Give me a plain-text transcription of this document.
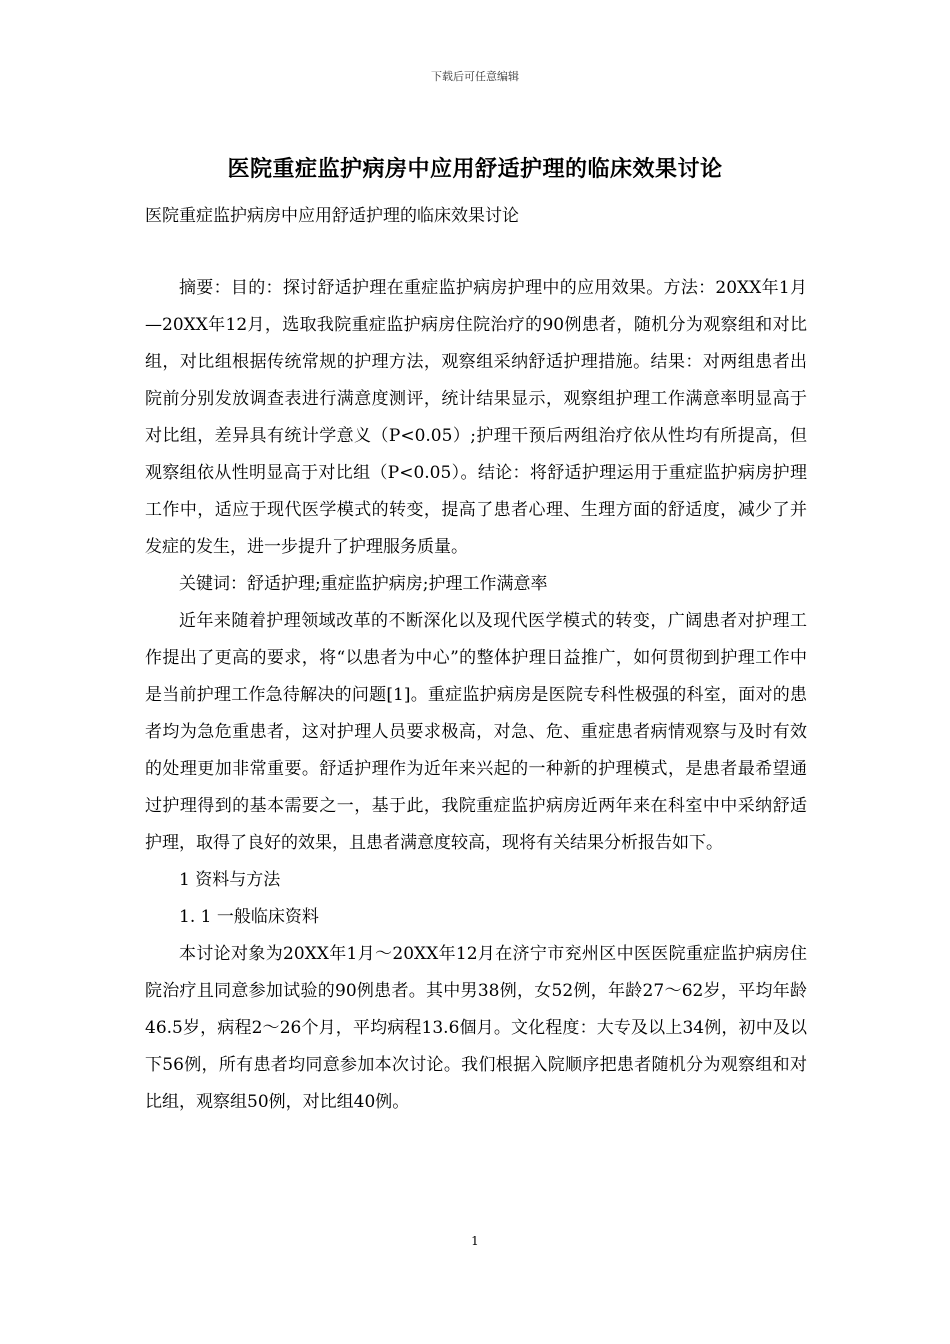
下载后可任意编辑
医院重症监护病房中应用舒适护理的临床效果讨论

医院重症监护病房中应用舒适护理的临床效果讨论

摘要：目的：探讨舒适护理在重症监护病房护理中的应用效果。方法：20XX年1月—20XX年12月，选取我院重症监护病房住院治疗的90例患者，随机分为观察组和对比组，对比组根据传统常规的护理方法，观察组采纳舒适护理措施。结果：对两组患者出院前分别发放调查表进行满意度测评，统计结果显示，观察组护理工作满意率明显高于对比组，差异具有统计学意义（P<0.05）;护理干预后两组治疗依从性均有所提高，但观察组依从性明显高于对比组（P<0.05）。结论：将舒适护理运用于重症监护病房护理工作中，适应于现代医学模式的转变，提高了患者心理、生理方面的舒适度，减少了并发症的发生，进一步提升了护理服务质量。

关键词：舒适护理;重症监护病房;护理工作满意率

近年来随着护理领域改革的不断深化以及现代医学模式的转变，广阔患者对护理工作提出了更高的要求，将“以患者为中心”的整体护理日益推广，如何贯彻到护理工作中是当前护理工作急待解决的问题[1]。重症监护病房是医院专科性极强的科室，面对的患者均为急危重患者，这对护理人员要求极高，对急、危、重症患者病情观察与及时有效的处理更加非常重要。舒适护理作为近年来兴起的一种新的护理模式，是患者最希望通过护理得到的基本需要之一，基于此，我院重症监护病房近两年来在科室中中采纳舒适护理，取得了良好的效果，且患者满意度较高，现将有关结果分析报告如下。

1 资料与方法

1. 1 一般临床资料

本讨论对象为20XX年1月～20XX年12月在济宁市兖州区中医医院重症监护病房住院治疗且同意参加试验的90例患者。其中男38例，女52例，年龄27～62岁，平均年龄46.5岁，病程2～26个月，平均病程13.6個月。文化程度：大专及以上34例，初中及以下56例，所有患者均同意参加本次讨论。我们根据入院顺序把患者随机分为观察组和对比组，观察组50例，对比组40例。

1
